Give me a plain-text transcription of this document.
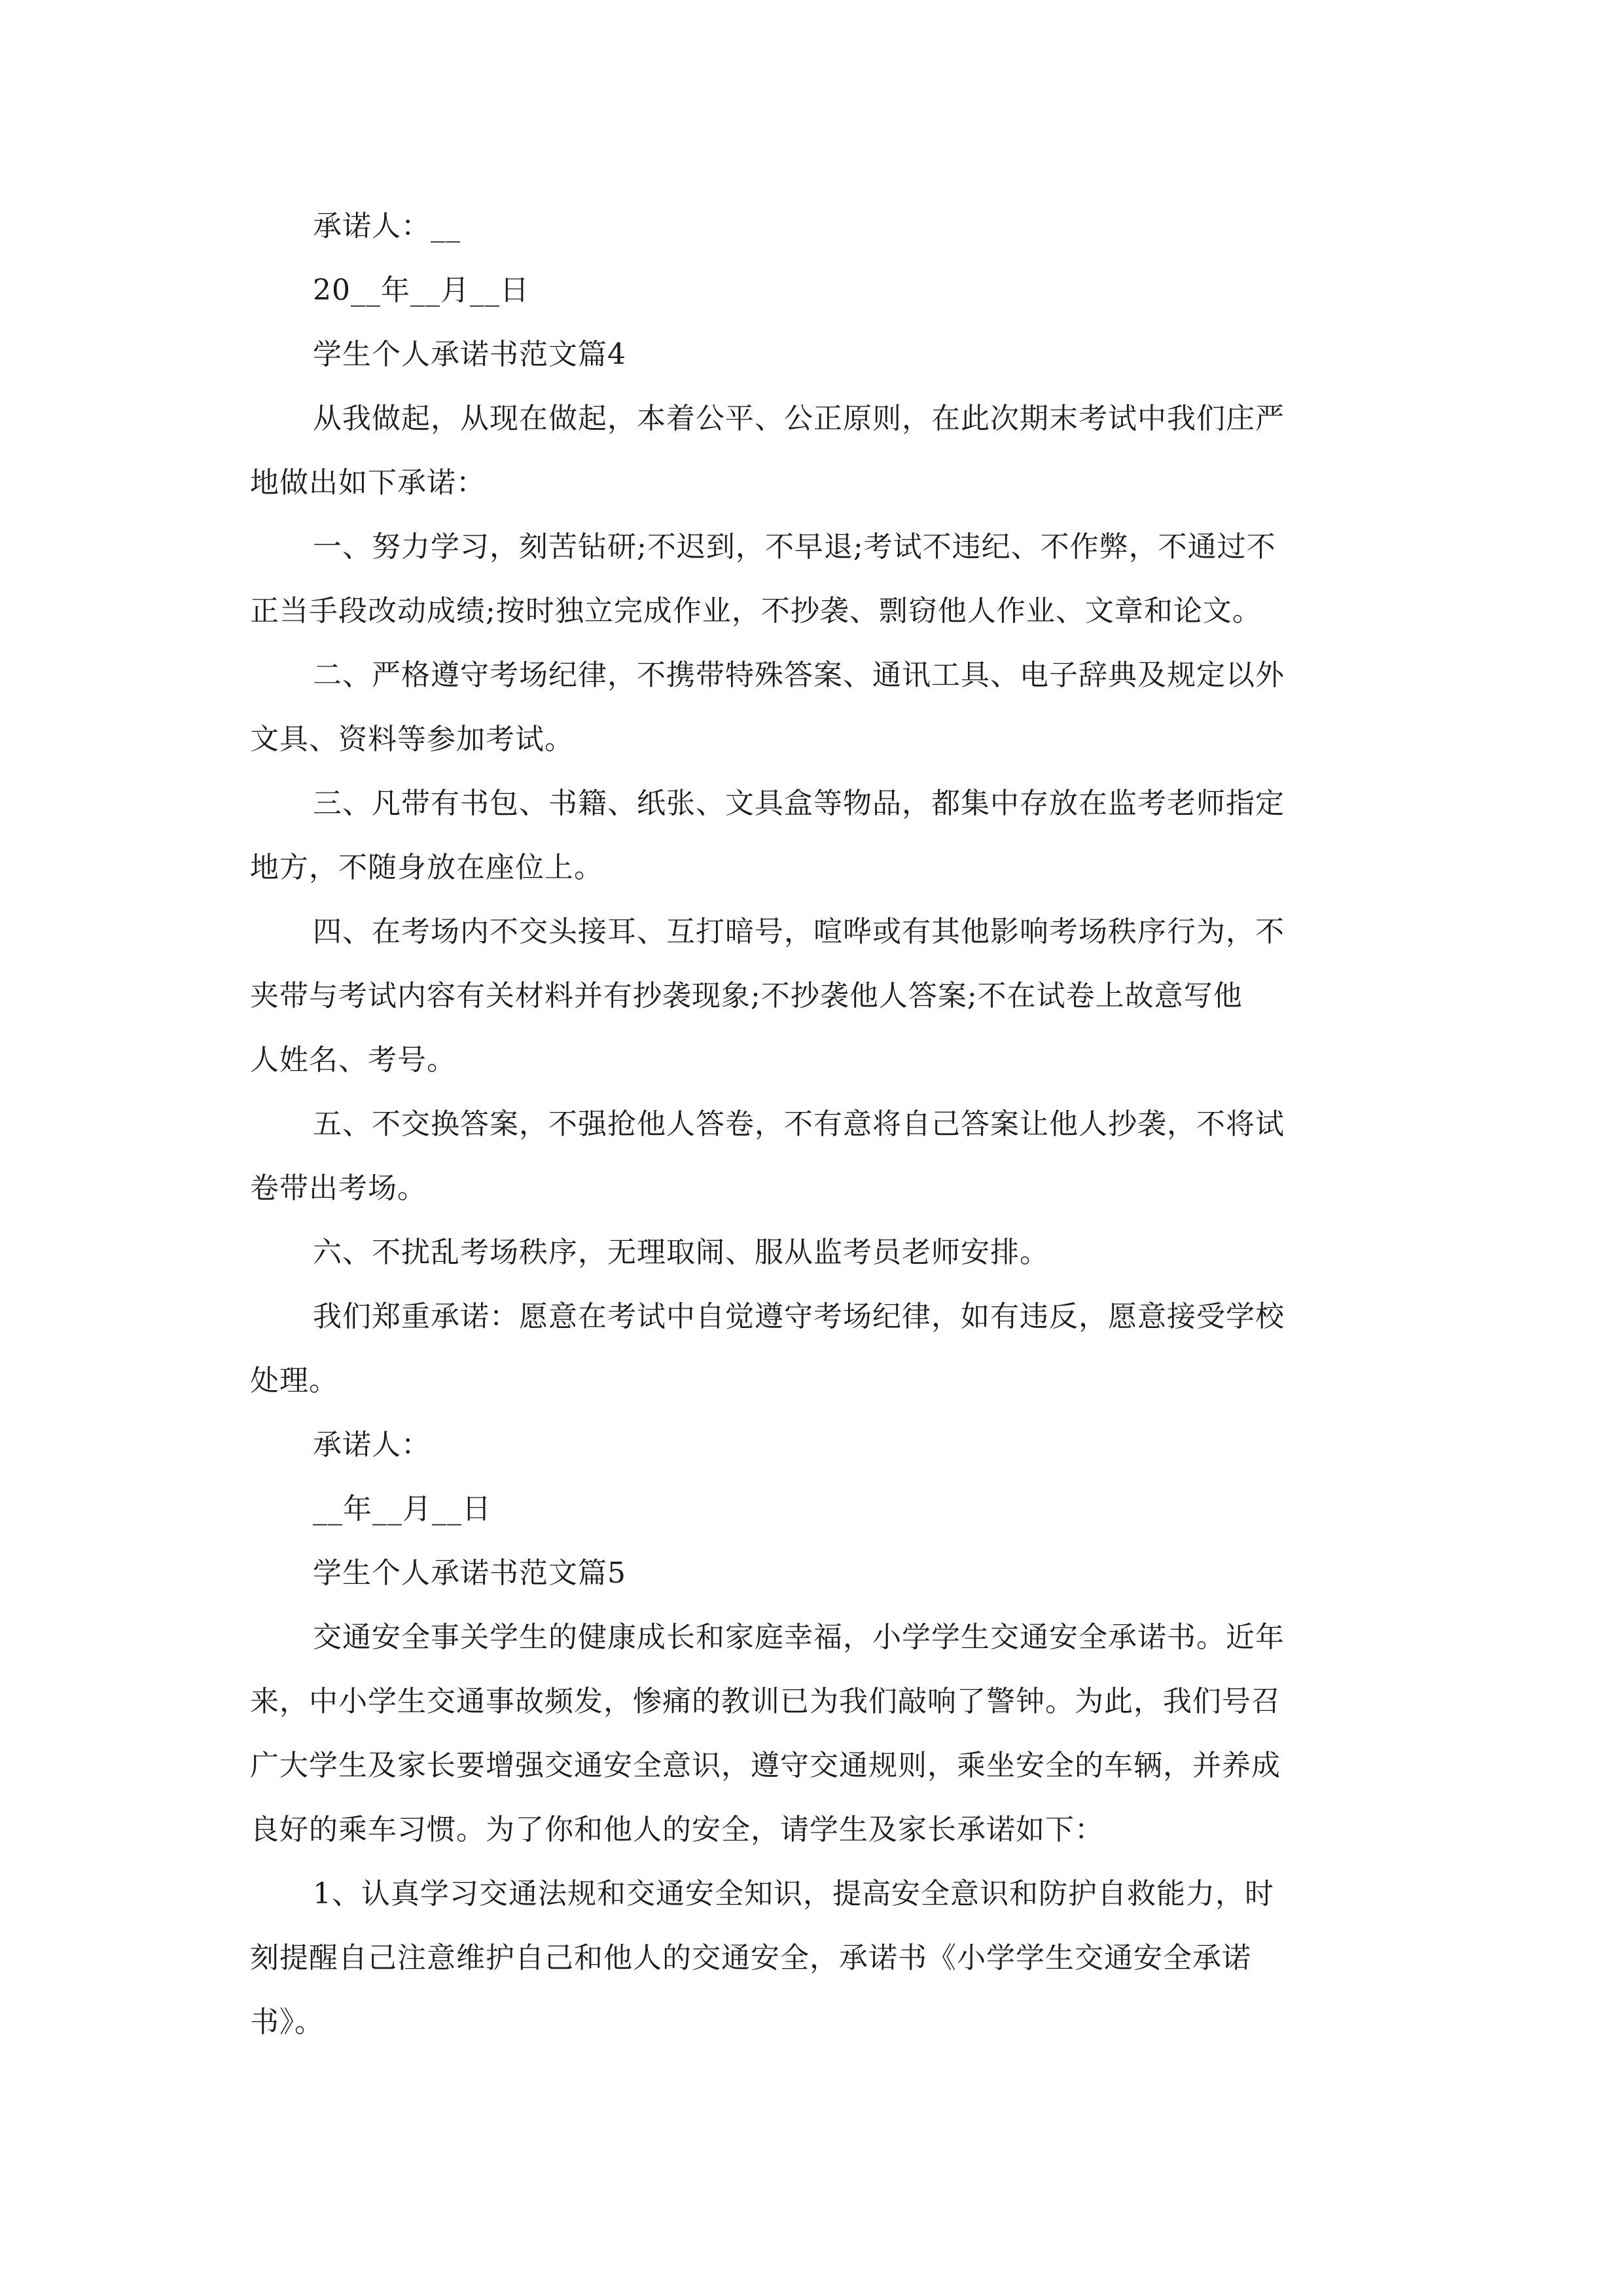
承诺人：__

20__年__月__日

学生个人承诺书范文篇4

从我做起，从现在做起，本着公平、公正原则，在此次期末考试中我们庄严
地做出如下承诺：
一、努力学习，刻苦钻研;不迟到，不早退;考试不违纪、不作弊，不通过不
正当手段改动成绩;按时独立完成作业，不抄袭、剽窃他人作业、文章和论文。
二、严格遵守考场纪律，不携带特殊答案、通讯工具、电子辞典及规定以外
文具、资料等参加考试。
三、凡带有书包、书籍、纸张、文具盒等物品，都集中存放在监考老师指定
地方，不随身放在座位上。
四、在考场内不交头接耳、互打暗号，喧哗或有其他影响考场秩序行为，不
夹带与考试内容有关材料并有抄袭现象;不抄袭他人答案;不在试卷上故意写他
人姓名、考号。
五、不交换答案，不强抢他人答卷，不有意将自己答案让他人抄袭，不将试
卷带出考场。

六、不扰乱考场秩序，无理取闹、服从监考员老师安排。

我们郑重承诺：愿意在考试中自觉遵守考场纪律，如有违反，愿意接受学校
处理。

承诺人：

__年__月__日

学生个人承诺书范文篇5

交通安全事关学生的健康成长和家庭幸福，小学学生交通安全承诺书。近年
来，中小学生交通事故频发，惨痛的教训已为我们敲响了警钟。为此，我们号召
广大学生及家长要增强交通安全意识，遵守交通规则，乘坐安全的车辆，并养成
良好的乘车习惯。为了你和他人的安全，请学生及家长承诺如下：
1、认真学习交通法规和交通安全知识，提高安全意识和防护自救能力，时
刻提醒自己注意维护自己和他人的交通安全，承诺书《小学学生交通安全承诺
书》。
